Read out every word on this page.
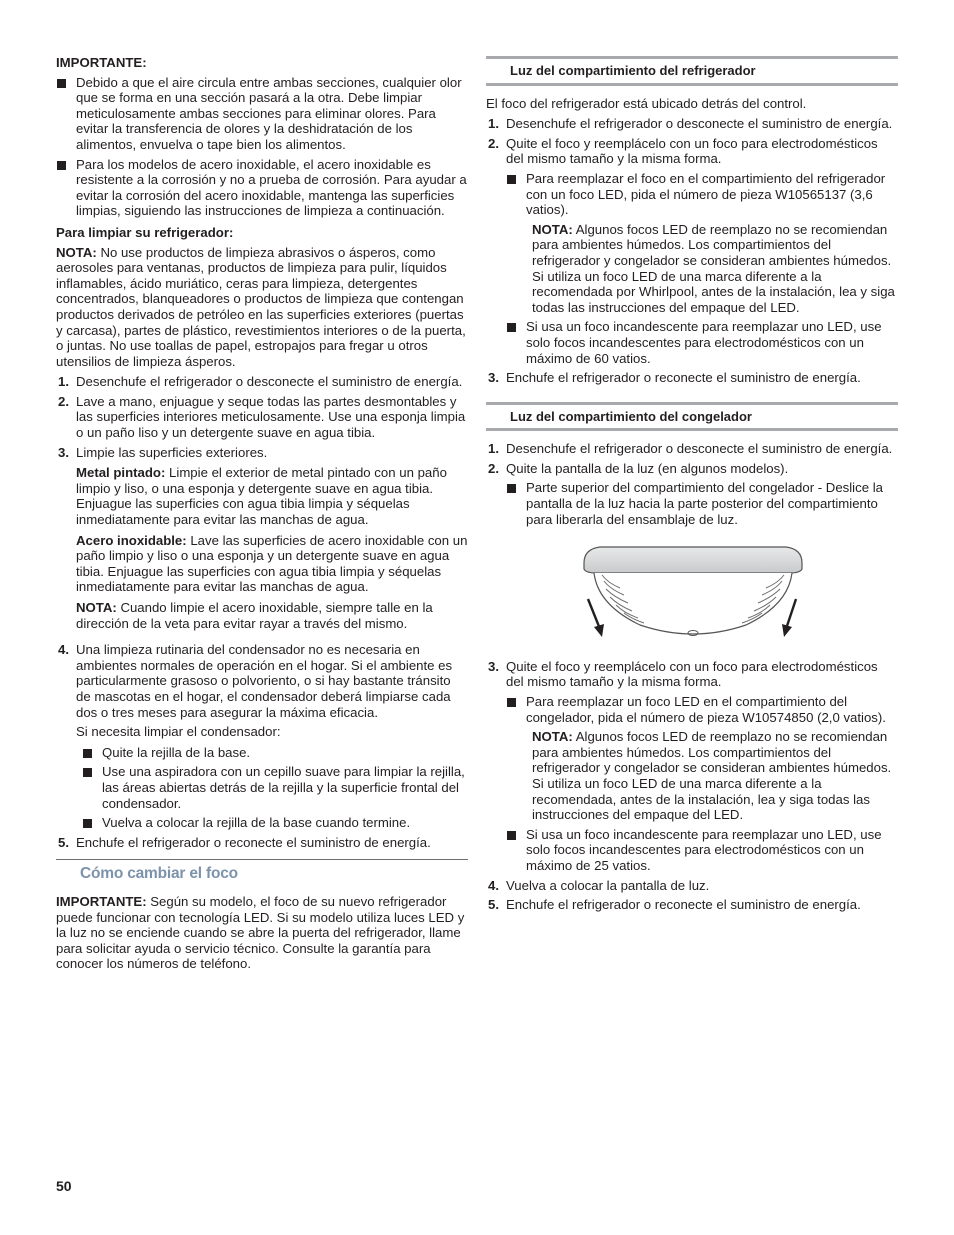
IMPORTANTE:

Debido a que el aire circula entre ambas secciones, cualquier olor que se forma en una sección pasará a la otra. Debe limpiar meticulosamente ambas secciones para eliminar olores. Para evitar la transferencia de olores y la deshidratación de los alimentos, envuelva o tape bien los alimentos.

Para los modelos de acero inoxidable, el acero inoxidable es resistente a la corrosión y no a prueba de corrosión. Para ayudar a evitar la corrosión del acero inoxidable, mantenga las superficies limpias, siguiendo las instrucciones de limpieza a continuación.

Para limpiar su refrigerador:

NOTA: No use productos de limpieza abrasivos o ásperos, como aerosoles para ventanas, productos de limpieza para pulir, líquidos inflamables, ácido muriático, ceras para limpieza, detergentes concentrados, blanqueadores o productos de limpieza que contengan productos derivados de petróleo en las superficies exteriores (puertas y carcasa), partes de plástico, revestimientos interiores o de la puerta, o juntas. No use toallas de papel, estropajos para fregar u otros utensilios de limpieza ásperos.

1. Desenchufe el refrigerador o desconecte el suministro de energía.
2. Lave a mano, enjuague y seque todas las partes desmontables y las superficies interiores meticulosamente. Use una esponja limpia o un paño liso y un detergente suave en agua tibia.
3. Limpie las superficies exteriores.

Metal pintado: Limpie el exterior de metal pintado con un paño limpio y liso, o una esponja y detergente suave en agua tibia. Enjuague las superficies con agua tibia limpia y séquelas inmediatamente para evitar las manchas de agua.

Acero inoxidable: Lave las superficies de acero inoxidable con un paño limpio y liso o una esponja y un detergente suave en agua tibia. Enjuague las superficies con agua tibia limpia y séquelas inmediatamente para evitar las manchas de agua.

NOTA: Cuando limpie el acero inoxidable, siempre talle en la dirección de la veta para evitar rayar a través del mismo.

4. Una limpieza rutinaria del condensador no es necesaria en ambientes normales de operación en el hogar. Si el ambiente es particularmente grasoso o polvoriento, o si hay bastante tránsito de mascotas en el hogar, el condensador deberá limpiarse cada dos o tres meses para asegurar la máxima eficacia.

Si necesita limpiar el condensador:

Quite la rejilla de la base.

Use una aspiradora con un cepillo suave para limpiar la rejilla, las áreas abiertas detrás de la rejilla y la superficie frontal del condensador.

Vuelva a colocar la rejilla de la base cuando termine.

5. Enchufe el refrigerador o reconecte el suministro de energía.
Cómo cambiar el foco

IMPORTANTE: Según su modelo, el foco de su nuevo refrigerador puede funcionar con tecnología LED. Si su modelo utiliza luces LED y la luz no se enciende cuando se abre la puerta del refrigerador, llame para solicitar ayuda o servicio técnico. Consulte la garantía para conocer los números de teléfono.

Luz del compartimiento del refrigerador

El foco del refrigerador está ubicado detrás del control.

1. Desenchufe el refrigerador o desconecte el suministro de energía.
2. Quite el foco y reemplácelo con un foco para electrodomésticos del mismo tamaño y la misma forma.

Para reemplazar el foco en el compartimiento del refrigerador con un foco LED, pida el número de pieza W10565137 (3,6 vatios).

NOTA: Algunos focos LED de reemplazo no se recomiendan para ambientes húmedos. Los compartimientos del refrigerador y congelador se consideran ambientes húmedos. Si utiliza un foco LED de una marca diferente a la recomendada por Whirlpool, antes de la instalación, lea y siga todas las instrucciones del empaque del LED.

Si usa un foco incandescente para reemplazar uno LED, use solo focos incandescentes para electrodomésticos con un máximo de 60 vatios.

3. Enchufe el refrigerador o reconecte el suministro de energía.
Luz del compartimiento del congelador
1. Desenchufe el refrigerador o desconecte el suministro de energía.
2. Quite la pantalla de la luz (en algunos modelos).

Parte superior del compartimiento del congelador - Deslice la pantalla de la luz hacia la parte posterior del compartimiento para liberarla del ensamblaje de luz.

3. Quite el foco y reemplácelo con un foco para electrodomésticos del mismo tamaño y la misma forma.

Para reemplazar un foco LED en el compartimiento del congelador, pida el número de pieza W10574850 (2,0 vatios).

NOTA: Algunos focos LED de reemplazo no se recomiendan para ambientes húmedos. Los compartimientos del refrigerador y congelador se consideran ambientes húmedos. Si utiliza un foco LED de una marca diferente a la recomendada, antes de la instalación, lea y siga todas las instrucciones del empaque del LED.

Si usa un foco incandescente para reemplazar uno LED, use solo focos incandescentes para electrodomésticos con un máximo de 25 vatios.

4. Vuelva a colocar la pantalla de luz.
5. Enchufe el refrigerador o reconecte el suministro de energía.
50
